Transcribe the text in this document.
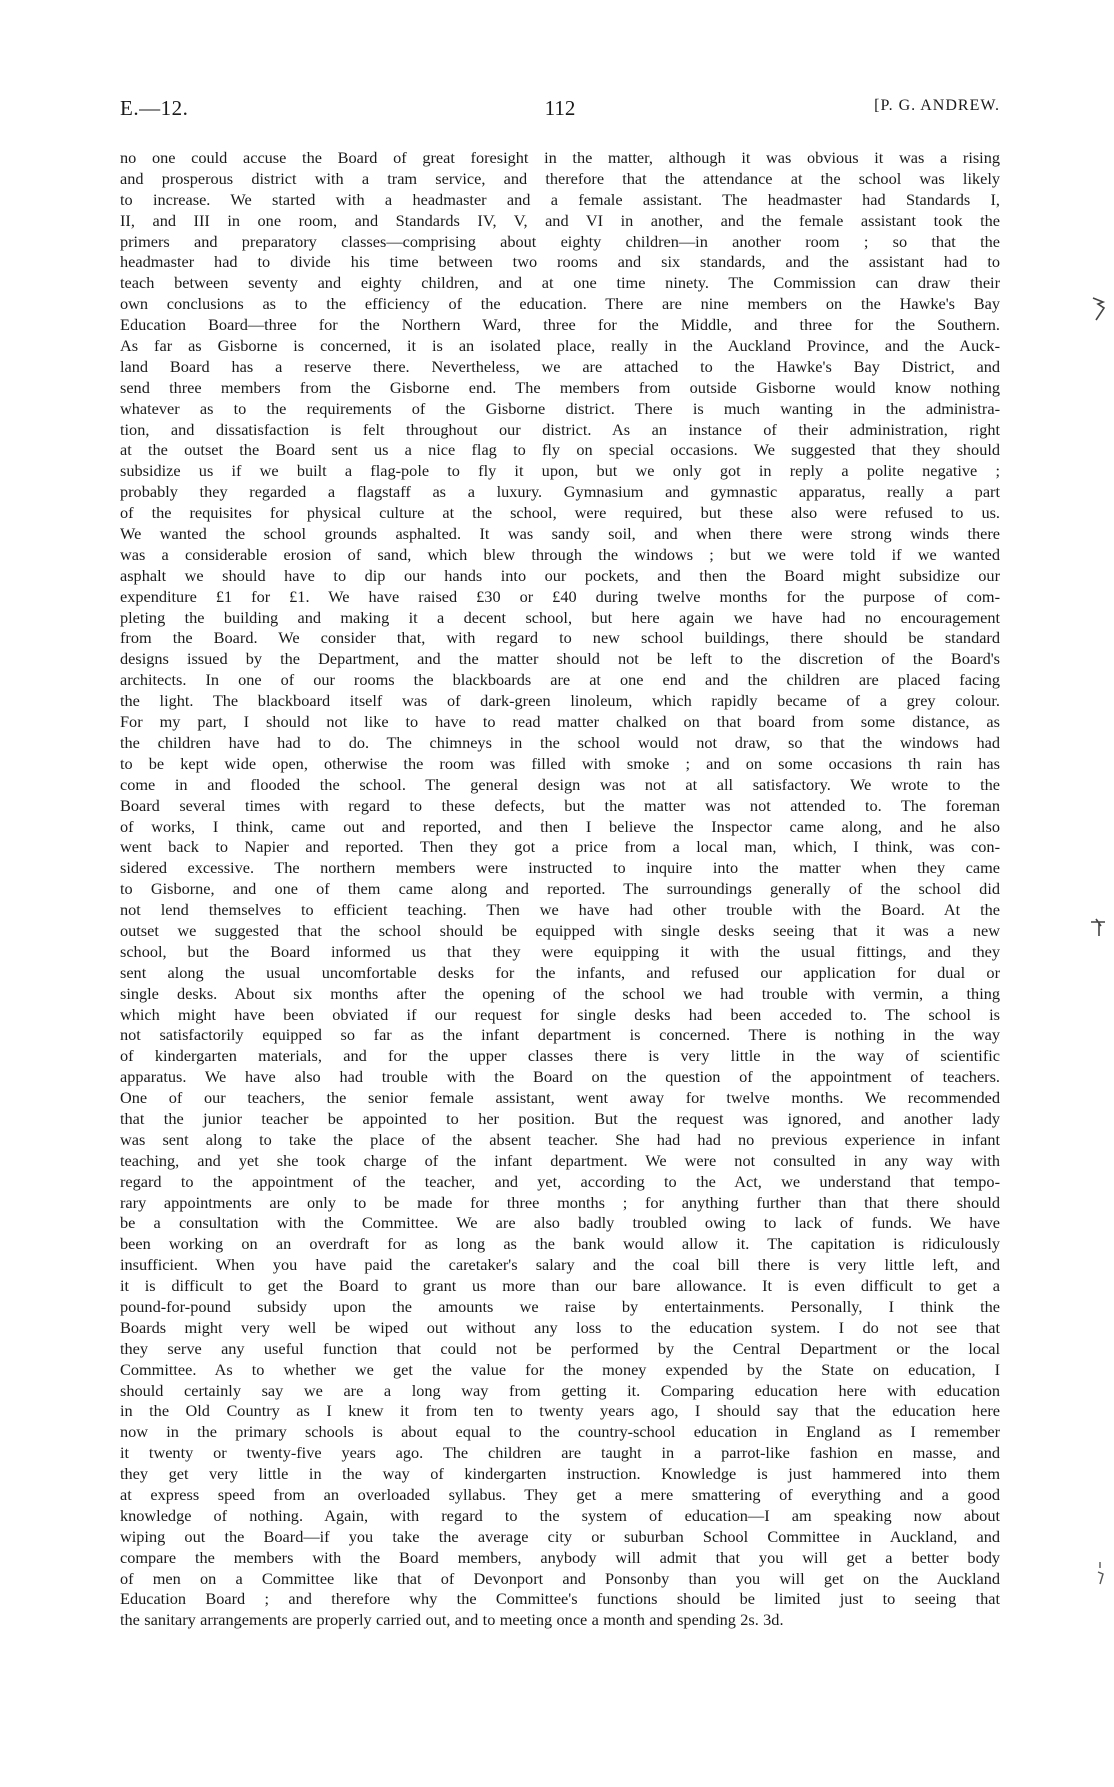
E.—12.	112	[P. G. ANDREW.
no one could accuse the Board of great foresight in the matter, although it was obvious it was a rising
and prosperous district with a tram service, and therefore that the attendance at the school was likely
to increase. We started with a headmaster and a female assistant. The headmaster had Standards I,
II, and III in one room, and Standards IV, V, and VI in another, and the female assistant took the
primers and preparatory classes—comprising about eighty children—in another room ; so that the
headmaster had to divide his time between two rooms and six standards, and the assistant had to
teach between seventy and eighty children, and at one time ninety. The Commission can draw their
own conclusions as to the efficiency of the education. There are nine members on the Hawke's Bay
Education Board—three for the Northern Ward, three for the Middle, and three for the Southern.
As far as Gisborne is concerned, it is an isolated place, really in the Auckland Province, and the Auck-
land Board has a reserve there. Nevertheless, we are attached to the Hawke's Bay District, and
send three members from the Gisborne end. The members from outside Gisborne would know nothing
whatever as to the requirements of the Gisborne district. There is much wanting in the administra-
tion, and dissatisfaction is felt throughout our district. As an instance of their administration, right
at the outset the Board sent us a nice flag to fly on special occasions. We suggested that they should
subsidize us if we built a flag-pole to fly it upon, but we only got in reply a polite negative ;
probably they regarded a flagstaff as a luxury. Gymnasium and gymnastic apparatus, really a part
of the requisites for physical culture at the school, were required, but these also were refused to us.
We wanted the school grounds asphalted. It was sandy soil, and when there were strong winds there
was a considerable erosion of sand, which blew through the windows ; but we were told if we wanted
asphalt we should have to dip our hands into our pockets, and then the Board might subsidize our
expenditure £1 for £1. We have raised £30 or £40 during twelve months for the purpose of com-
pleting the building and making it a decent school, but here again we have had no encouragement
from the Board. We consider that, with regard to new school buildings, there should be standard
designs issued by the Department, and the matter should not be left to the discretion of the Board's
architects. In one of our rooms the blackboards are at one end and the children are placed facing
the light. The blackboard itself was of dark-green linoleum, which rapidly became of a grey colour.
For my part, I should not like to have to read matter chalked on that board from some distance, as
the children have had to do. The chimneys in the school would not draw, so that the windows had
to be kept wide open, otherwise the room was filled with smoke ; and on some occasions th rain has
come in and flooded the school. The general design was not at all satisfactory. We wrote to the
Board several times with regard to these defects, but the matter was not attended to. The foreman
of works, I think, came out and reported, and then I believe the Inspector came along, and he also
went back to Napier and reported. Then they got a price from a local man, which, I think, was con-
sidered excessive. The northern members were instructed to inquire into the matter when they came
to Gisborne, and one of them came along and reported. The surroundings generally of the school did
not lend themselves to efficient teaching. Then we have had other trouble with the Board. At the
outset we suggested that the school should be equipped with single desks seeing that it was a new
school, but the Board informed us that they were equipping it with the usual fittings, and they
sent along the usual uncomfortable desks for the infants, and refused our application for dual or
single desks. About six months after the opening of the school we had trouble with vermin, a thing
which might have been obviated if our request for single desks had been acceded to. The school is
not satisfactorily equipped so far as the infant department is concerned. There is nothing in the way
of kindergarten materials, and for the upper classes there is very little in the way of scientific
apparatus. We have also had trouble with the Board on the question of the appointment of teachers.
One of our teachers, the senior female assistant, went away for twelve months. We recommended
that the junior teacher be appointed to her position. But the request was ignored, and another lady
was sent along to take the place of the absent teacher. She had had no previous experience in infant
teaching, and yet she took charge of the infant department. We were not consulted in any way with
regard to the appointment of the teacher, and yet, according to the Act, we understand that tempo-
rary appointments are only to be made for three months ; for anything further than that there should
be a consultation with the Committee. We are also badly troubled owing to lack of funds. We have
been working on an overdraft for as long as the bank would allow it. The capitation is ridiculously
insufficient. When you have paid the caretaker's salary and the coal bill there is very little left, and
it is difficult to get the Board to grant us more than our bare allowance. It is even difficult to get a
pound-for-pound subsidy upon the amounts we raise by entertainments. Personally, I think the
Boards might very well be wiped out without any loss to the education system. I do not see that
they serve any useful function that could not be performed by the Central Department or the local
Committee. As to whether we get the value for the money expended by the State on education, I
should certainly say we are a long way from getting it. Comparing education here with education
in the Old Country as I knew it from ten to twenty years ago, I should say that the education here
now in the primary schools is about equal to the country-school education in England as I remember
it twenty or twenty-five years ago. The children are taught in a parrot-like fashion en masse, and
they get very little in the way of kindergarten instruction. Knowledge is just hammered into them
at express speed from an overloaded syllabus. They get a mere smattering of everything and a good
knowledge of nothing. Again, with regard to the system of education—I am speaking now about
wiping out the Board—if you take the average city or suburban School Committee in Auckland, and
compare the members with the Board members, anybody will admit that you will get a better body
of men on a Committee like that of Devonport and Ponsonby than you will get on the Auckland
Education Board ; and therefore why the Committee's functions should be limited just to seeing that
the sanitary arrangements are properly carried out, and to meeting once a month and spending 2s. 3d.
